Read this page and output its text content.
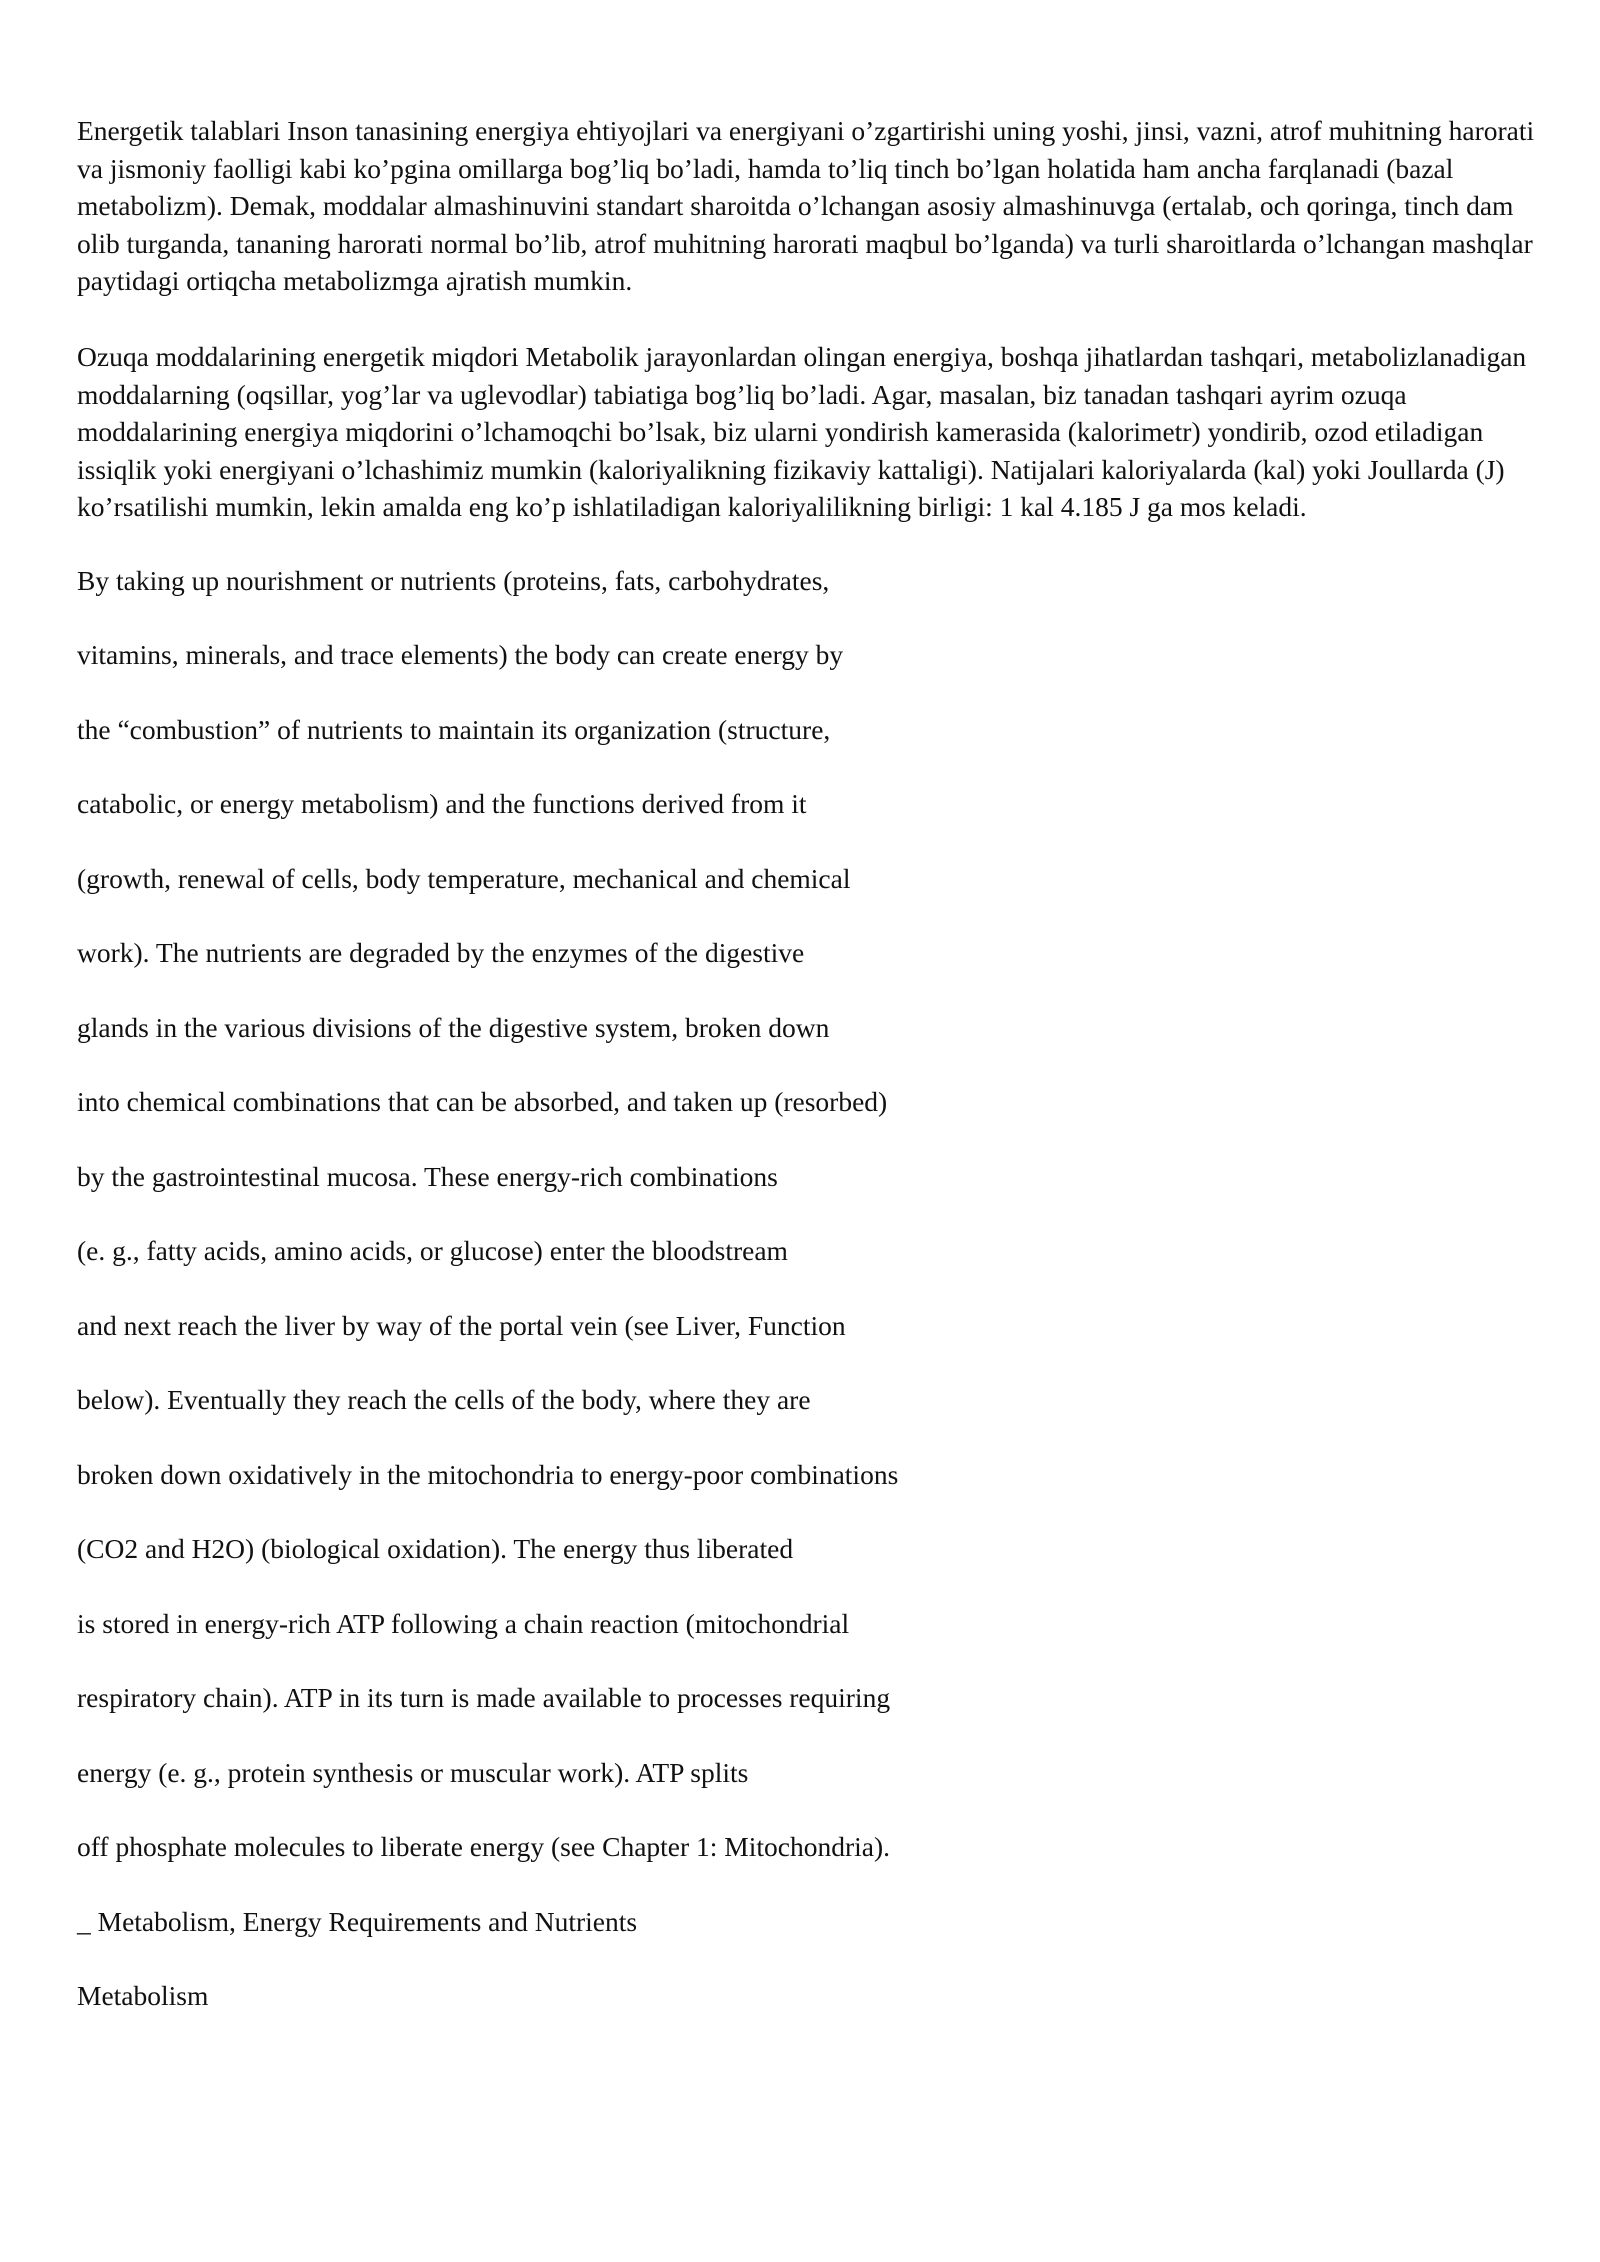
Energetik talablari Inson tanasining energiya ehtiyojlari va energiyani o’zgartirishi uning yoshi, jinsi, vazni, atrof muhitning harorati va jismoniy faolligi kabi ko’pgina omillarga bog’liq bo’ladi, hamda to’liq tinch bo’lgan holatida ham ancha farqlanadi (bazal metabolizm). Demak, moddalar almashinuvini standart sharoitda o’lchangan asosiy almashinuvga (ertalab, och qoringa, tinch dam olib turganda, tananing harorati normal bo’lib, atrof muhitning harorati maqbul bo’lganda) va turli sharoitlarda o’lchangan mashqlar paytidagi ortiqcha metabolizmga ajratish mumkin.

Ozuqa moddalarining energetik miqdori Metabolik jarayonlardan olingan energiya, boshqa jihatlardan tashqari, metabolizlanadigan moddalarning (oqsillar, yog’lar va uglevodlar) tabiatiga bog’liq bo’ladi. Agar, masalan, biz tanadan tashqari ayrim ozuqa moddalarining energiya miqdorini o’lchamoqchi bo’lsak, biz ularni yondirish kamerasida (kalorimetr) yondirib, ozod etiladigan issiqlik yoki energiyani o’lchashimiz mumkin (kaloriyalikning fizikaviy kattaligi). Natijalari kaloriyalarda (kal) yoki Joullarda (J) ko’rsatilishi mumkin, lekin amalda eng ko’p ishlatiladigan kaloriyalilikning birligi: 1 kal 4.185 J ga mos keladi.

By taking up nourishment or nutrients (proteins, fats, carbohydrates,

vitamins, minerals, and trace elements) the body can create energy by

the “combustion” of nutrients to maintain its organization (structure,

catabolic, or energy metabolism) and the functions derived from it

(growth, renewal of cells, body temperature, mechanical and chemical

work). The nutrients are degraded by the enzymes of the digestive

glands in the various divisions of the digestive system, broken down

into chemical combinations that can be absorbed, and taken up (resorbed)

by the gastrointestinal mucosa. These energy-rich combinations

(e. g., fatty acids, amino acids, or glucose) enter the bloodstream

and next reach the liver by way of the portal vein (see Liver, Function

below). Eventually they reach the cells of the body, where they are

broken down oxidatively in the mitochondria to energy-poor combinations

(CO2 and H2O) (biological oxidation). The energy thus liberated

is stored in energy-rich ATP following a chain reaction (mitochondrial

respiratory chain). ATP in its turn is made available to processes requiring

energy (e. g., protein synthesis or muscular work). ATP splits

off phosphate molecules to liberate energy (see Chapter 1: Mitochondria).

_ Metabolism, Energy Requirements and Nutrients

Metabolism
